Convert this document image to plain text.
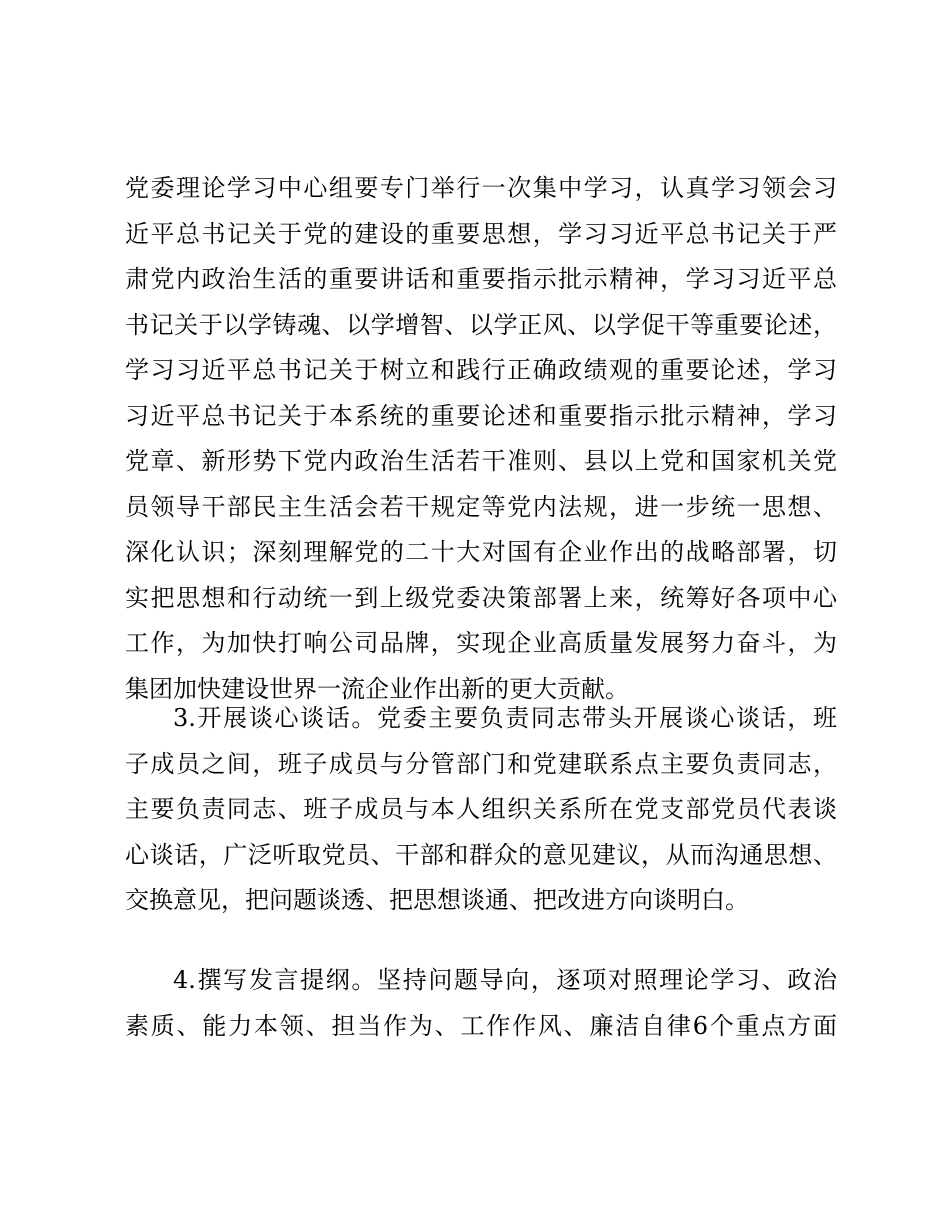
党委理论学习中心组要专门举行一次集中学习，认真学习领会习
近平总书记关于党的建设的重要思想，学习习近平总书记关于严
肃党内政治生活的重要讲话和重要指示批示精神，学习习近平总
书记关于以学铸魂、以学增智、以学正风、以学促干等重要论述，
学习习近平总书记关于树立和践行正确政绩观的重要论述，学习
习近平总书记关于本系统的重要论述和重要指示批示精神，学习
党章、新形势下党内政治生活若干准则、县以上党和国家机关党
员领导干部民主生活会若干规定等党内法规，进一步统一思想、
深化认识；深刻理解党的二十大对国有企业作出的战略部署，切
实把思想和行动统一到上级党委决策部署上来，统筹好各项中心
工作，为加快打响公司品牌，实现企业高质量发展努力奋斗，为
集团加快建设世界一流企业作出新的更大贡献。
3.开展谈心谈话。党委主要负责同志带头开展谈心谈话，班
子成员之间，班子成员与分管部门和党建联系点主要负责同志，
主要负责同志、班子成员与本人组织关系所在党支部党员代表谈
心谈话，广泛听取党员、干部和群众的意见建议，从而沟通思想、
交换意见，把问题谈透、把思想谈通、把改进方向谈明白。
4.撰写发言提纲。坚持问题导向，逐项对照理论学习、政治
素质、能力本领、担当作为、工作作风、廉洁自律6个重点方面
